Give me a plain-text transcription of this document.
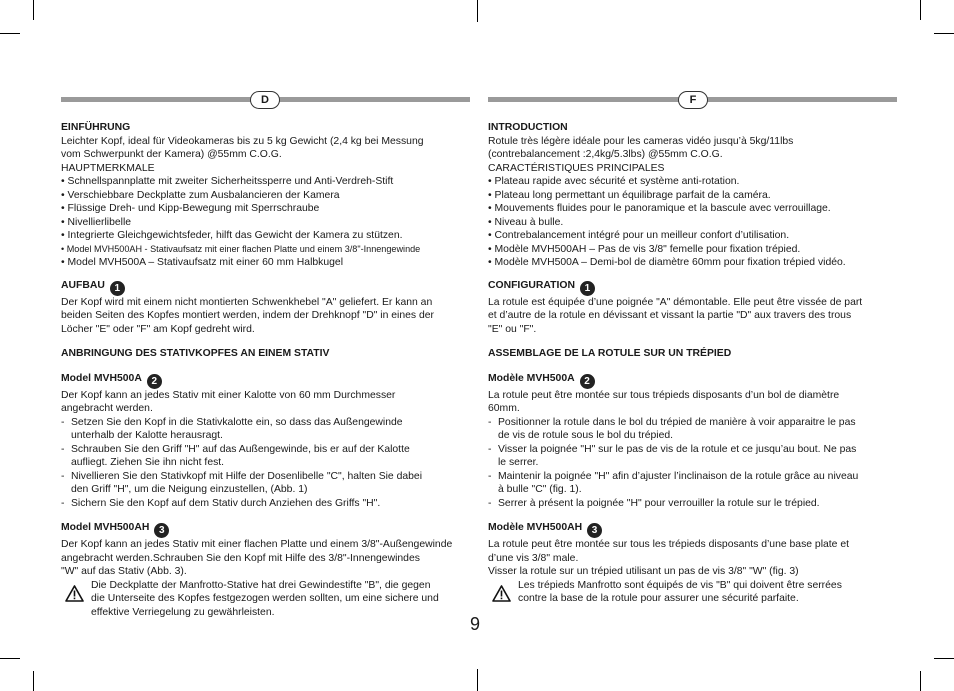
D

EINFÜHRUNG

Leichter Kopf, ideal für Videokameras bis zu 5 kg Gewicht (2,4 kg bei Messung

vom Schwerpunkt der Kamera) @55mm C.O.G.

HAUPTMERKMALE

• Schnellspannplatte mit zweiter Sicherheitssperre und Anti-Verdreh-Stift

• Verschiebbare Deckplatte zum Ausbalancieren der Kamera

• Flüssige Dreh- und Kipp-Bewegung mit Sperrschraube

• Nivellierlibelle

• Integrierte Gleichgewichtsfeder, hilft das Gewicht der Kamera zu stützen.

• Model MVH500AH - Stativaufsatz mit einer flachen Platte und einem 3/8"-Innengewinde

• Model MVH500A – Stativaufsatz mit einer 60 mm Halbkugel

AUFBAU 1

Der Kopf wird mit einem nicht montierten Schwenkhebel "A" geliefert. Er kann an

beiden Seiten des Kopfes montiert werden, indem der Drehknopf "D" in eines der

Löcher "E" oder "F" am Kopf gedreht wird.

ANBRINGUNG DES STATIVKOPFES AN EINEM STATIV

Model MVH500A 2

Der Kopf kann an jedes Stativ mit einer Kalotte von 60 mm Durchmesser

angebracht werden.

- Setzen Sie den Kopf in die Stativkalotte ein, so dass das Außengewinde

unterhalb der Kalotte herausragt.

- Schrauben Sie den Griff "H" auf das Außengewinde, bis er auf der Kalotte

aufliegt. Ziehen Sie ihn nicht fest.

- Nivellieren Sie den Stativkopf mit Hilfe der Dosenlibelle "C", halten Sie dabei

den Griff "H", um die Neigung einzustellen, (Abb. 1)

- Sichern Sie den Kopf auf dem Stativ durch Anziehen des Griffs "H".

Model MVH500AH 3

Der Kopf kann an jedes Stativ mit einer flachen Platte und einem 3/8"-Außengewinde

angebracht werden.Schrauben Sie den Kopf mit Hilfe des 3/8"-Innengewindes

"W" auf das Stativ (Abb. 3).

Die Deckplatte der Manfrotto-Stative hat drei Gewindestifte "B", die gegen

die Unterseite des Kopfes festgezogen werden sollten, um eine sichere und

effektive Verriegelung zu gewährleisten.

F

INTRODUCTION

Rotule très légère idéale pour les cameras vidéo jusqu’à 5kg/11lbs

(contrebalancement :2,4kg/5.3lbs) @55mm C.O.G.

CARACTÉRISTIQUES PRINCIPALES

• Plateau rapide avec sécurité et système anti-rotation.

• Plateau long permettant un équilibrage parfait de la caméra.

• Mouvements fluides pour le panoramique et la bascule avec verrouillage.

• Niveau à bulle.

• Contrebalancement intégré pour un meilleur confort d’utilisation.

• Modèle MVH500AH – Pas de vis 3/8" femelle pour fixation trépied.

• Modèle MVH500A – Demi-bol de diamètre 60mm pour fixation trépied vidéo.

CONFIGURATION 1

La rotule est équipée d’une poignée "A" démontable. Elle peut être vissée de part

et d’autre de la rotule en dévissant et vissant la partie "D" aux travers des trous

"E" ou "F".

ASSEMBLAGE DE LA ROTULE SUR UN TRÉPIED

Modèle MVH500A 2

La rotule peut être montée sur tous trépieds disposants d’un bol de diamètre

60mm.

- Positionner la rotule dans le bol du trépied de manière à voir apparaitre le pas

de vis de rotule sous le bol du trépied.

- Visser la poignée "H" sur le pas de vis de la rotule et ce jusqu’au bout. Ne pas

le serrer.

- Maintenir la poignée "H" afin d’ajuster l’inclinaison de la rotule grâce au niveau

à bulle "C" (fig. 1).

- Serrer à présent la poignée "H" pour verrouiller la rotule sur le trépied.

Modèle MVH500AH 3

La rotule peut être montée sur tous les trépieds disposants d’une base plate et

d’une vis 3/8" male.

Visser la rotule sur un trépied utilisant un pas de vis 3/8" "W" (fig. 3)

Les trépieds Manfrotto sont équipés de vis "B" qui doivent être serrées

contre la base de la rotule pour assurer une sécurité parfaite.

9
